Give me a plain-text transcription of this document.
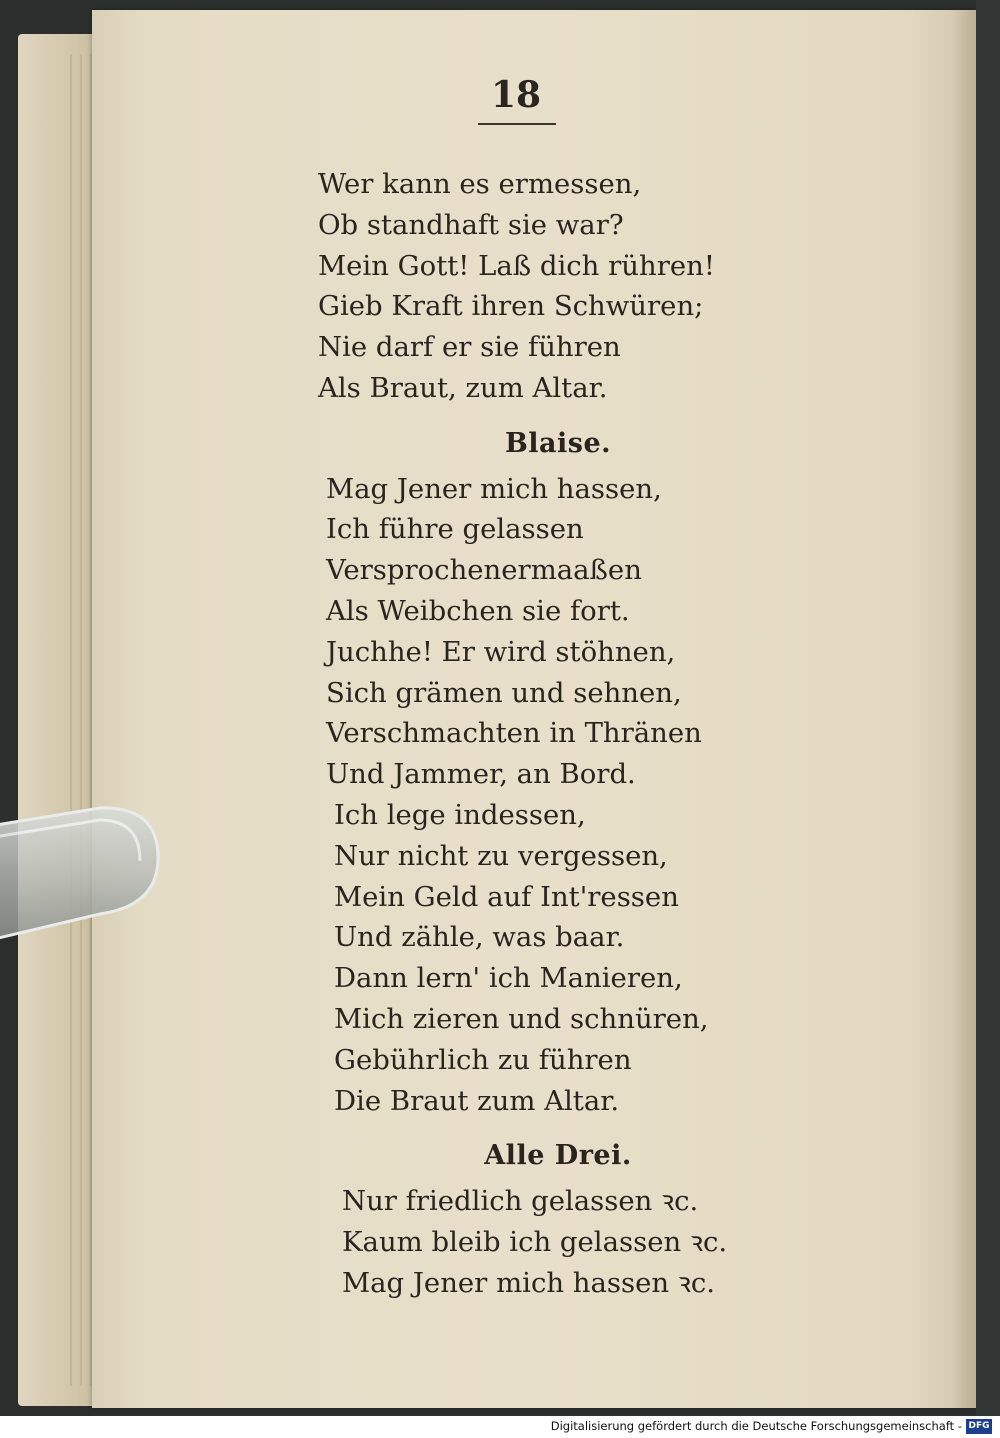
18
Wer kann es ermessen,
Ob standhaft sie war?
Mein Gott! Laß dich rühren!
Gieb Kraft ihren Schwüren;
Nie darf er sie führen
Als Braut, zum Altar.
Blaise.
Mag Jener mich hassen,
Ich führe gelassen
Versprochenermaaßen
Als Weibchen sie fort.
Juchhe! Er wird stöhnen,
Sich grämen und sehnen,
Verschmachten in Thränen
Und Jammer, an Bord.
Ich lege indessen,
Nur nicht zu vergessen,
Mein Geld auf Int'ressen
Und zähle, was baar.
Dann lern' ich Manieren,
Mich zieren und schnüren,
Gebührlich zu führen
Die Braut zum Altar.
Alle Drei.
Nur friedlich gelassen ꝛc.
Kaum bleib ich gelassen ꝛc.
Mag Jener mich hassen ꝛc.
Digitalisierung gefördert durch die Deutsche Forschungsgemeinschaft - DFG
